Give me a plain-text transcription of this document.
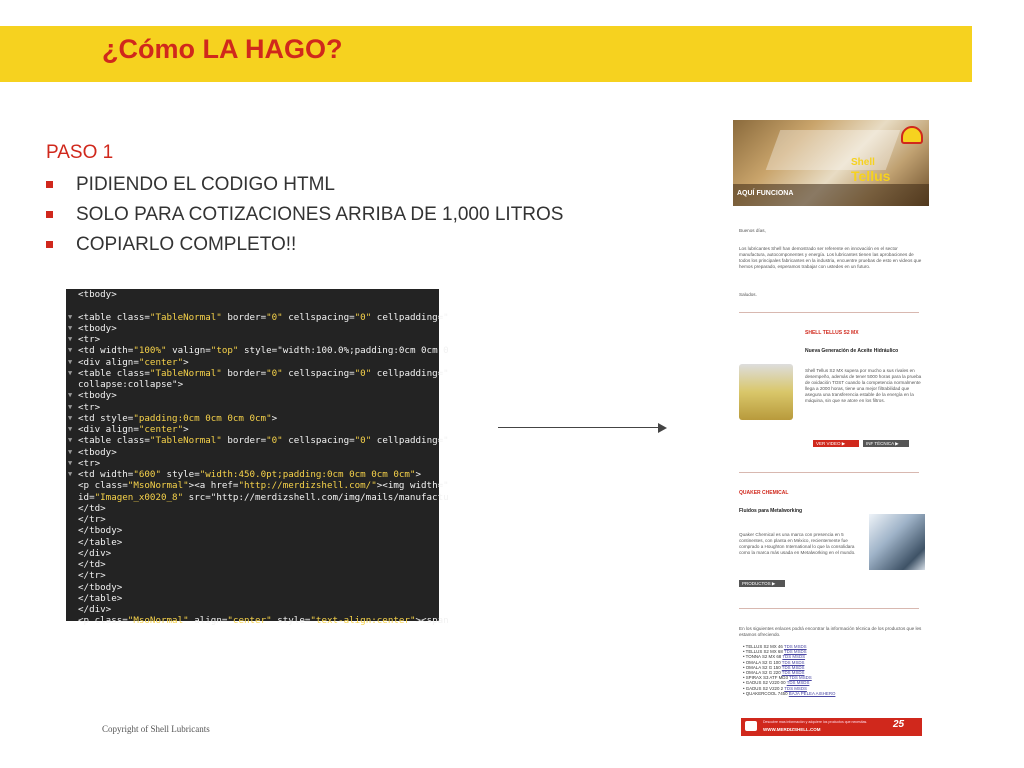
¿Cómo LA HAGO?
PASO 1
PIDIENDO EL CODIGO HTML
SOLO PARA COTIZACIONES ARRIBA DE 1,000 LITROS
COPIARLO COMPLETO!!
<tbody>
▼ <table class="TableNormal" border="0" cellspacing="0" cellpadding="
▼ <tbody>
▼ <tr>
▼ <td width="100%" valign="top" style="width:100.0%;padding:0cm 0cm 0
▼ <div align="center">
▼ <table class="TableNormal" border="0" cellspacing="0" cellpadding="
collapse:collapse">
▼ <tbody>
▼ <tr>
▼ <td style="padding:0cm 0cm 0cm 0cm">
▼ <div align="center">
▼ <table class="TableNormal" border="0" cellspacing="0" cellpadding="
▼ <tbody>
▼ <tr>
▼ <td width="600" style="width:450.0pt;padding:0cm 0cm 0cm 0cm">
<p class="MsoNormal"><a href="http://merdizshell.com/"><img width="
id="Imagen_x0020_8" src="http://merdizshell.com/img/mails/manufactu
</td>
</tr>
</tbody>
</table>
</div>
</td>
</tr>
</tbody>
</table>
</div>
<p class="MsoNormal" align="center" style="text-align:center"><span
AQUÍ FUNCIONA
Shell
Tellus
Buenos días,
Los lubricantes Shell han demostrado ser referente en innovación en el sector manufactura, autocomponentes y energía. Los lubricantes tienen las aprobaciones de todos los principales fabricantes en la industria, encuentre pruebas de esto en videos que hemos preparado, esperamos trabajar con ustedes en un futuro.
Saludos.
SHELL TELLUS S2 MX
Nueva Generación de Aceite Hidráulico
Shell Tellus S2 MX supera por mucho a sus rivales en desempeño, además de tener 5000 horas para la prueba de oxidación TOST cuando la competencia normalmente llega a 2000 horas, tiene una mejor filtrabilidad que asegura una transferencia estable de la energía en la máquina, sin que se atore en los filtros.
VER VIDEO ▶	INF TÉCNICA ▶
QUAKER CHEMICAL
Fluidos para Metalworking
Quaker Chemical es una marca con presencia en 5 continentes, con planta en México, recientemente fue comprado a Houghton International lo que la consolidara como la marca más usada en Metalworking en el mundo.
PRODUCTOS ▶
En los siguientes enlaces podrá encontrar la información técnica de los productos que les estamos ofreciendo.
• TELLUS S2 MX 46 TDS MSDS
• TELLUS S2 MX 68 TDS MSDS
• TONNA S2 MX 68 TDS MSDS
• OMALA S2 G 100 TDS MSDS
• OMALA S2 G 150 TDS MSDS
• OMALA S2 G 220 TDS MSDS
• SPIRAX S3 ATF MD3 TDS MSDS
• GADUS S2 V220 00 TDS MSDS
• GADUS S2 V220 2 TDS MSDS
• QUAKERCOOL 7450 BAJA PELEA AISHERO
Descubre mas información y adquiere los productos que necesitas.
WWW.MERDIZSHELL.COM	25
Copyright of Shell Lubricants
